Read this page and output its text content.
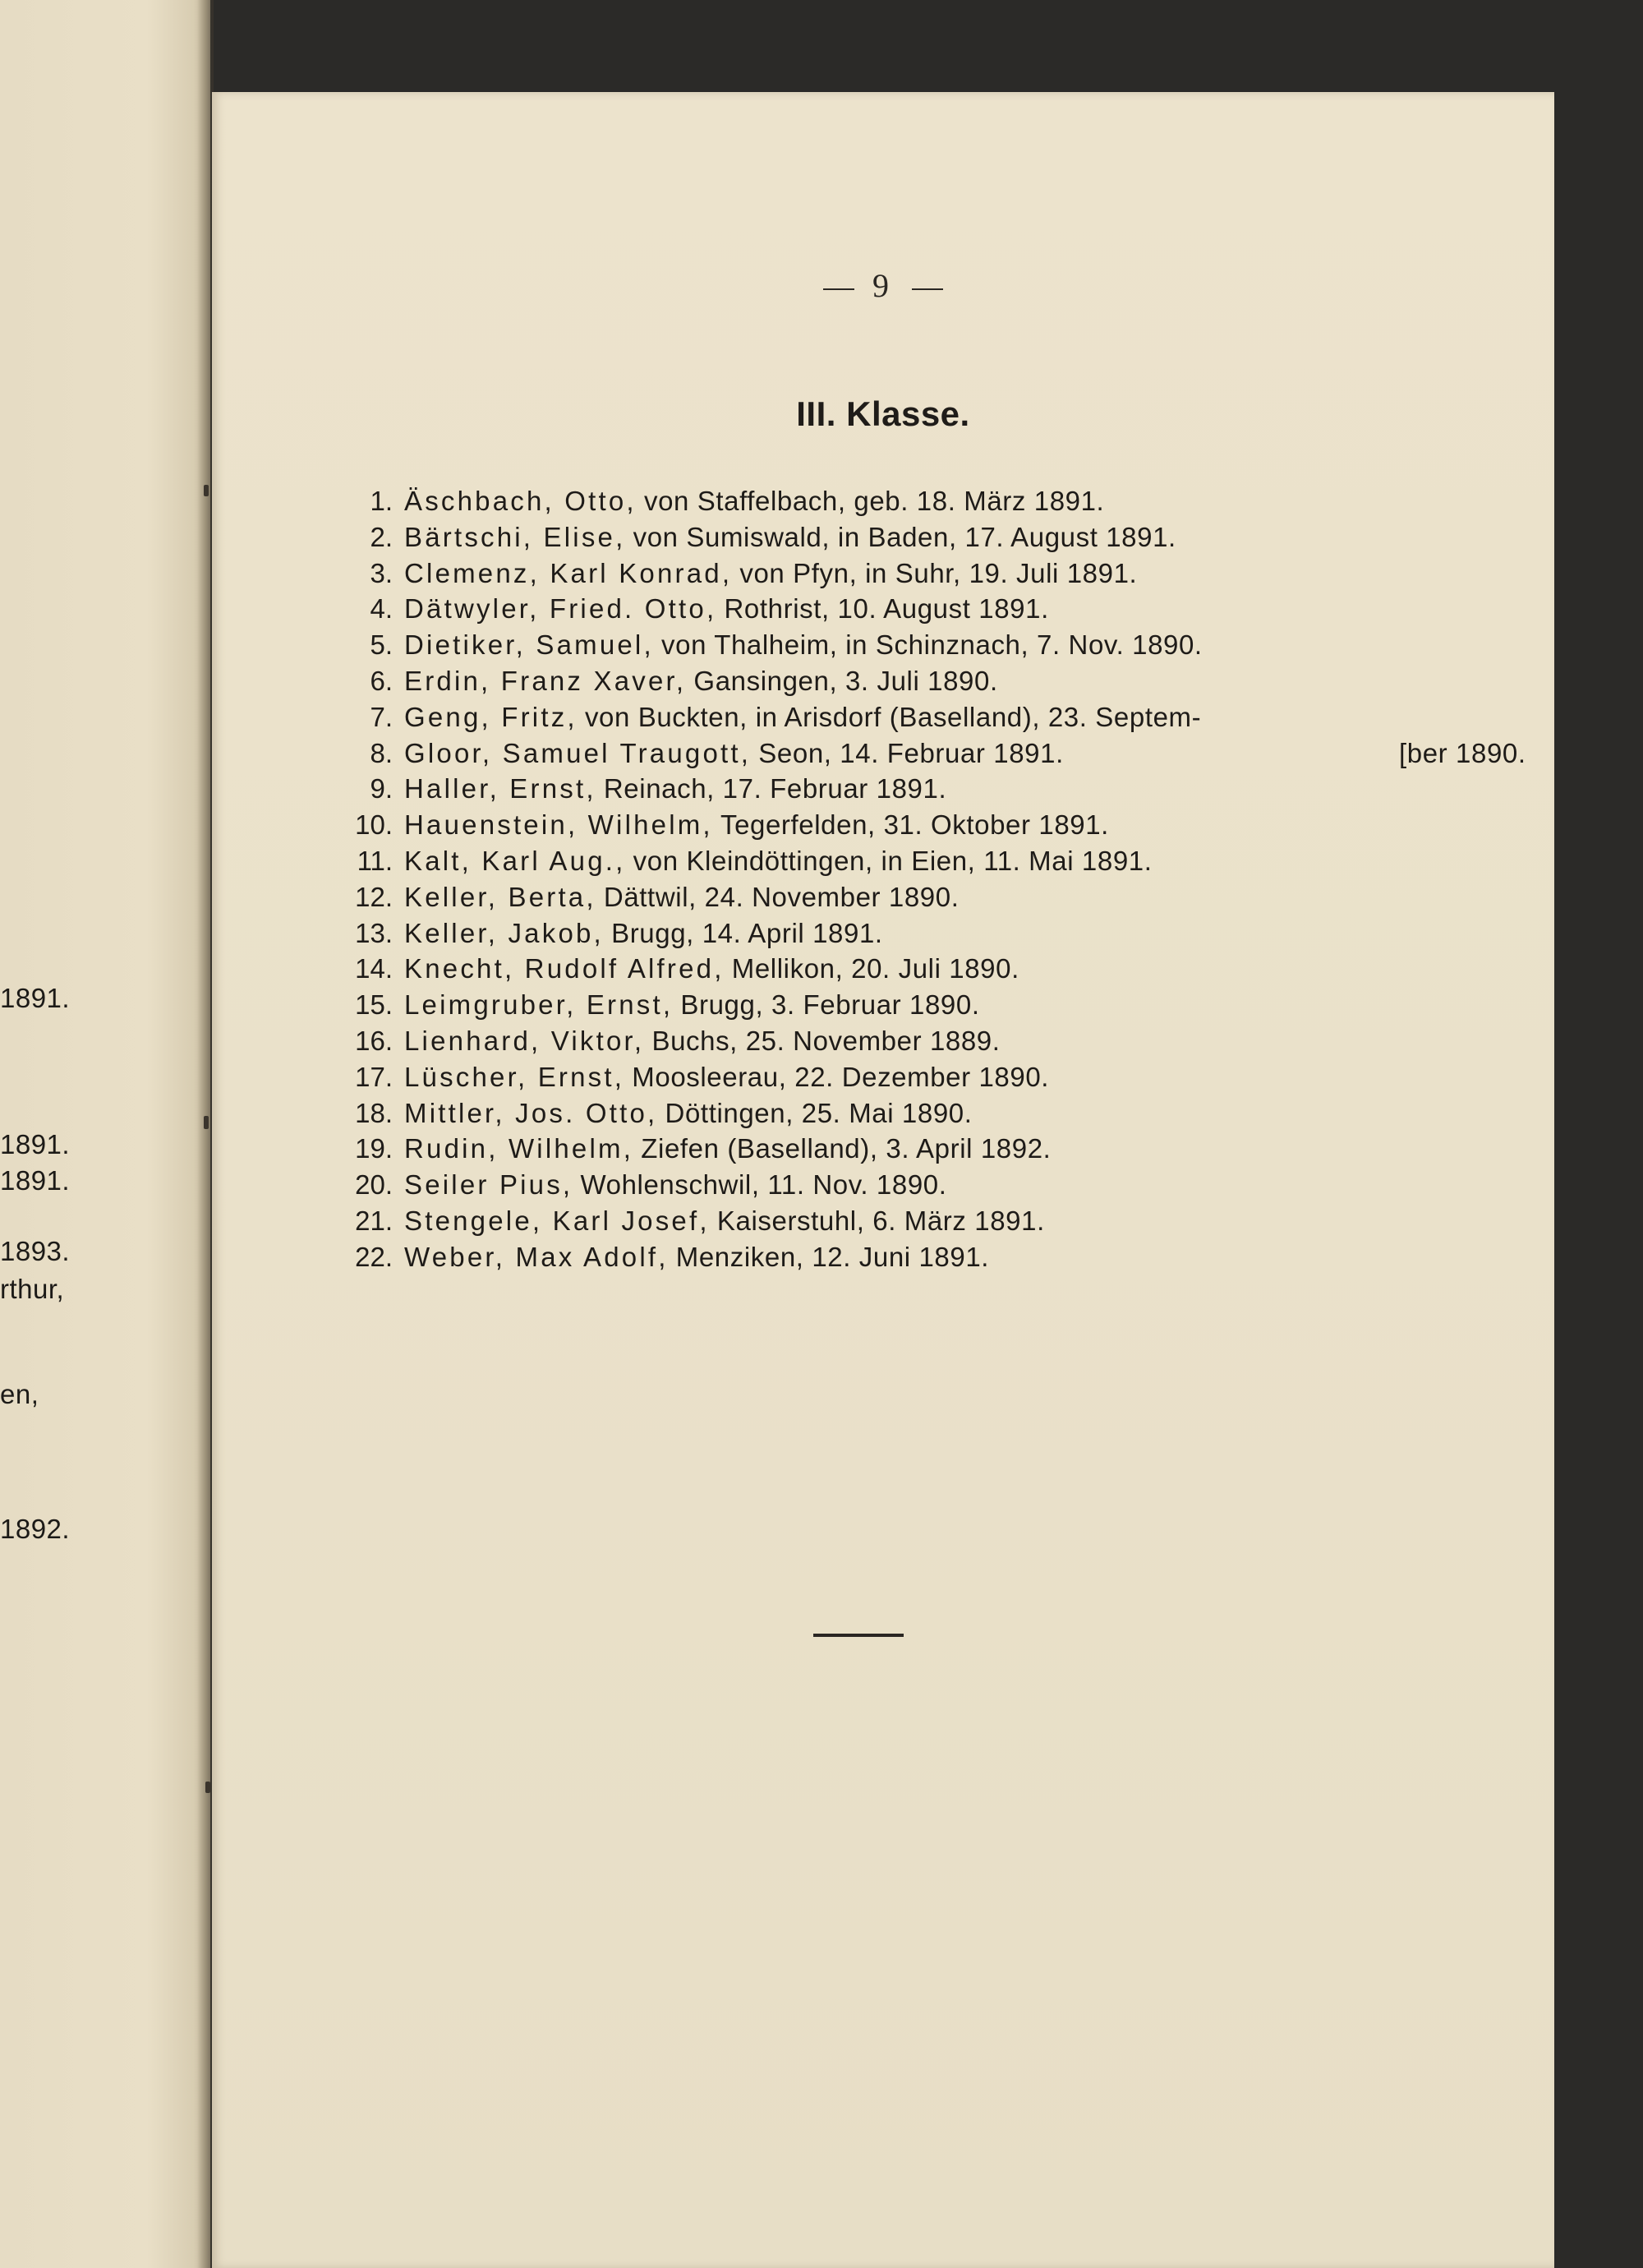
1891.
1891.
1891.
1893.
rthur,
en,
1892.
9
III. Klasse.
1. Äschbach, Otto, von Staffelbach, geb. 18. März 1891.
2. Bärtschi, Elise, von Sumiswald, in Baden, 17. August 1891.
3. Clemenz, Karl Konrad, von Pfyn, in Suhr, 19. Juli 1891.
4. Dätwyler, Fried. Otto, Rothrist, 10. August 1891.
5. Dietiker, Samuel, von Thalheim, in Schinznach, 7. Nov. 1890.
6. Erdin, Franz Xaver, Gansingen, 3. Juli 1890.
7. Geng, Fritz, von Buckten, in Arisdorf (Baselland), 23. Septem-
8. Gloor, Samuel Traugott, Seon, 14. Februar 1891.	[ber 1890.
9. Haller, Ernst, Reinach, 17. Februar 1891.
10. Hauenstein, Wilhelm, Tegerfelden, 31. Oktober 1891.
11. Kalt, Karl Aug., von Kleindöttingen, in Eien, 11. Mai 1891.
12. Keller, Berta, Dättwil, 24. November 1890.
13. Keller, Jakob, Brugg, 14. April 1891.
14. Knecht, Rudolf Alfred, Mellikon, 20. Juli 1890.
15. Leimgruber, Ernst, Brugg, 3. Februar 1890.
16. Lienhard, Viktor, Buchs, 25. November 1889.
17. Lüscher, Ernst, Moosleerau, 22. Dezember 1890.
18. Mittler, Jos. Otto, Döttingen, 25. Mai 1890.
19. Rudin, Wilhelm, Ziefen (Baselland), 3. April 1892.
20. Seiler Pius, Wohlenschwil, 11. Nov. 1890.
21. Stengele, Karl Josef, Kaiserstuhl, 6. März 1891.
22. Weber, Max Adolf, Menziken, 12. Juni 1891.
